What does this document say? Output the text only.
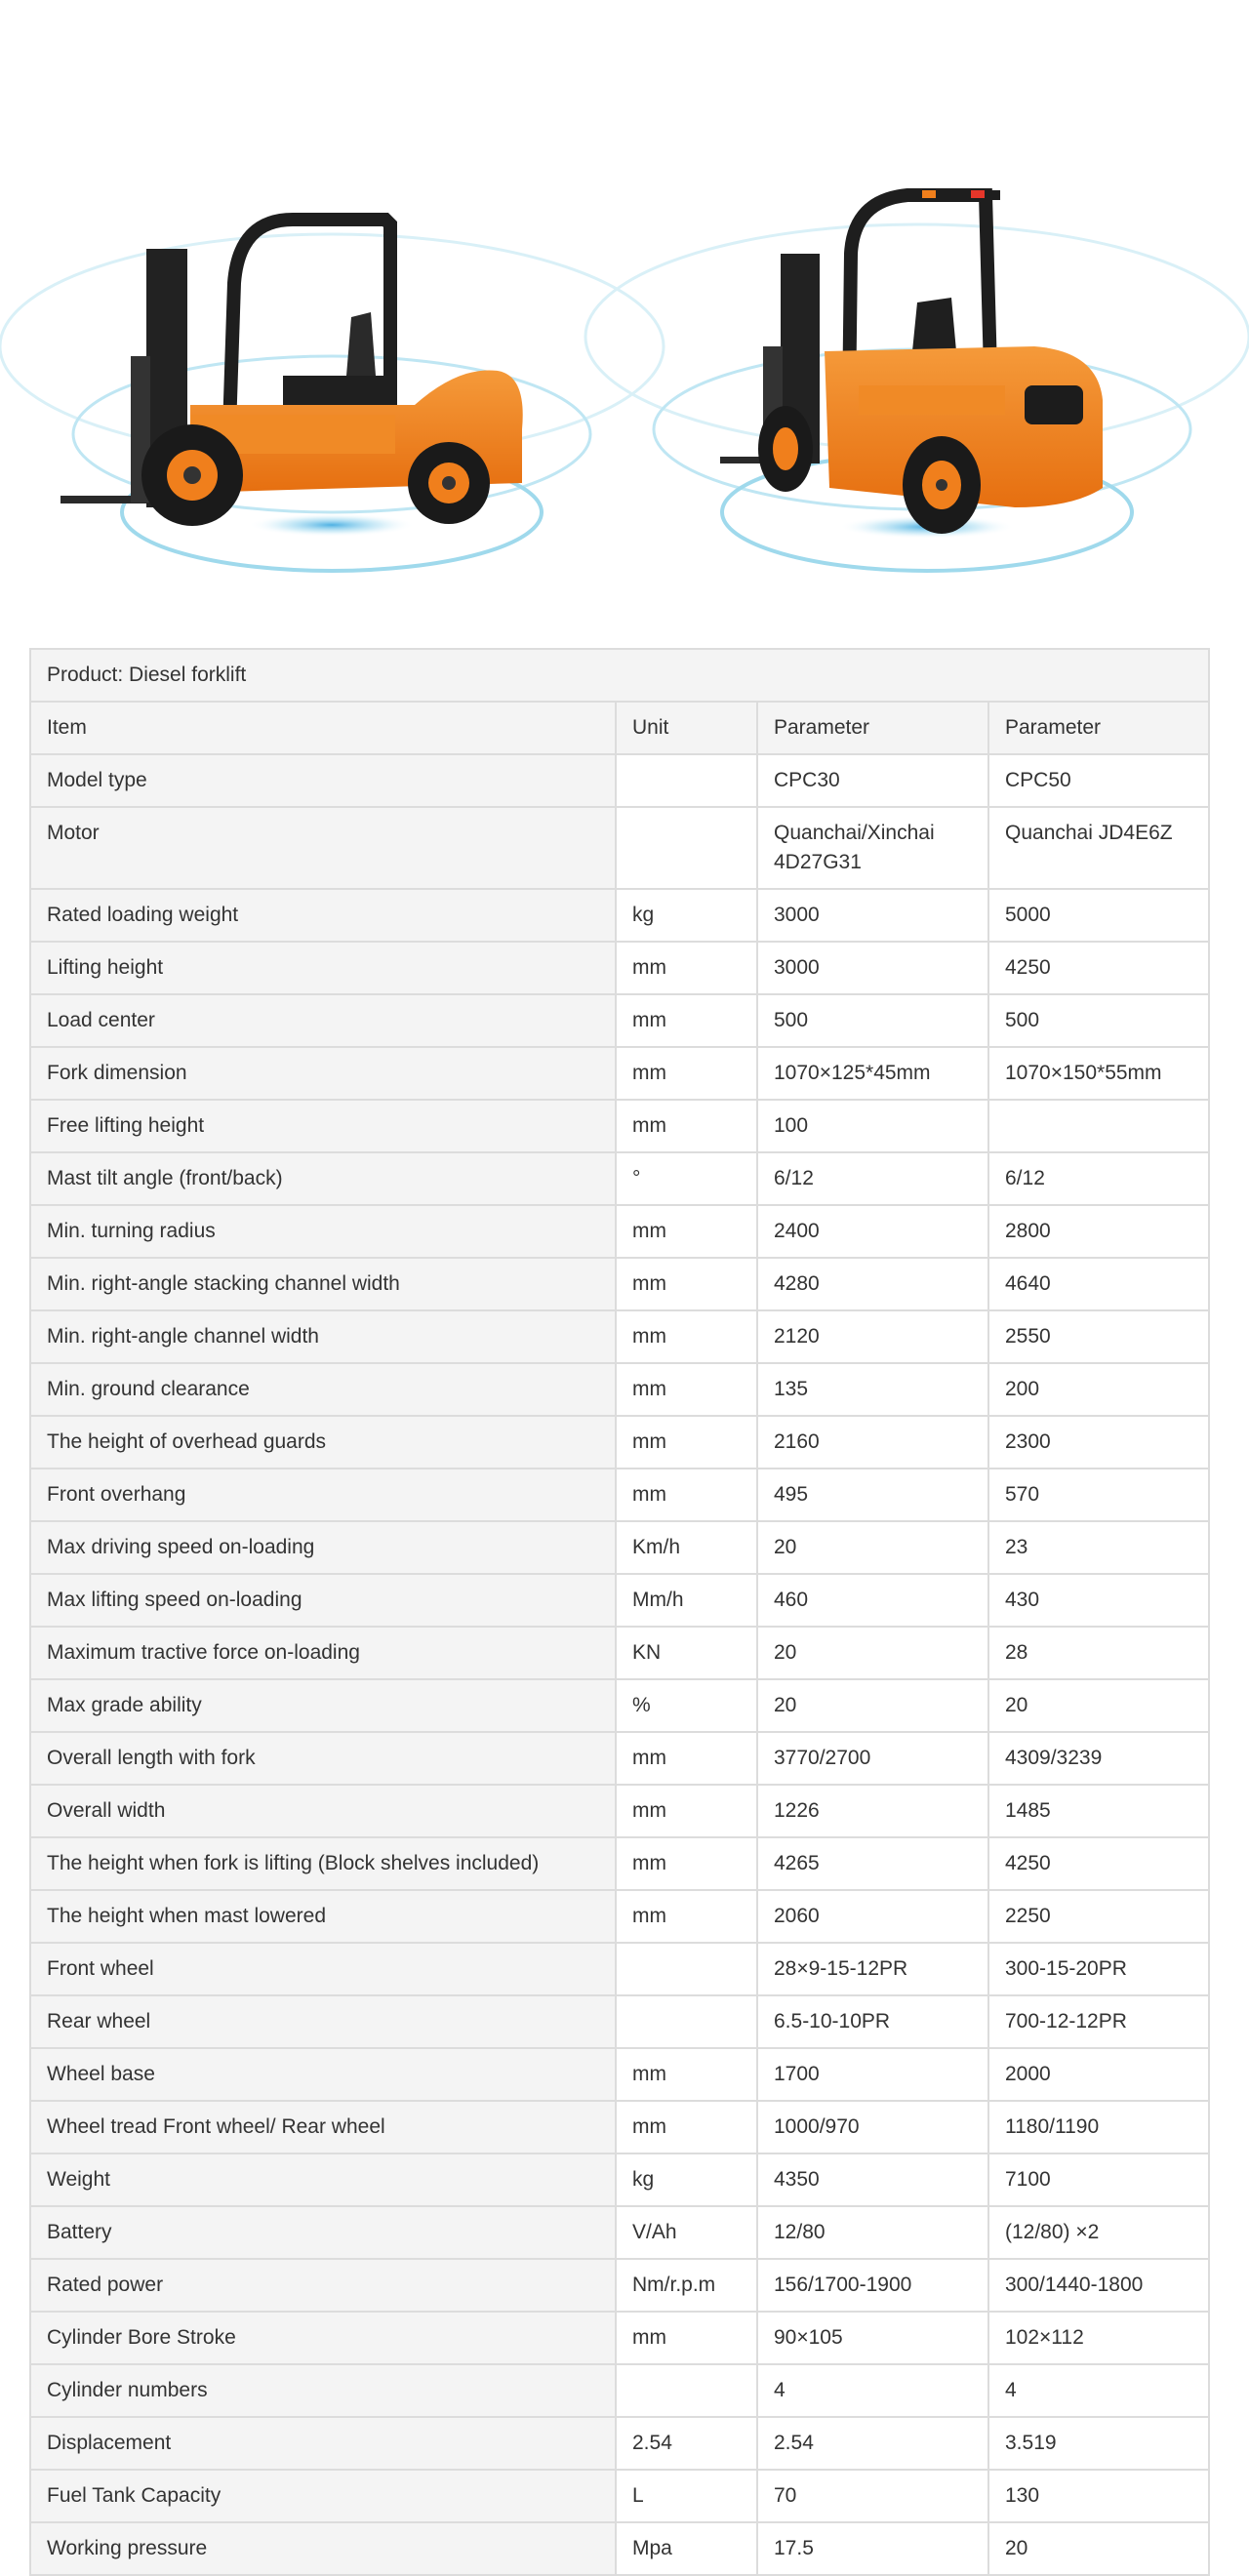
Product: Diesel forklift			
Item	Unit	Parameter	Parameter
Model type		CPC30	CPC50
Motor		Quanchai/Xinchai 4D27G31	Quanchai JD4E6Z
Rated loading weight	kg	3000	5000
Lifting height	mm	3000	4250
Load center	mm	500	500
Fork dimension	mm	1070×125*45mm	1070×150*55mm
Free lifting height	mm	100	
Mast tilt angle (front/back)	°	6/12	6/12
Min. turning radius	mm	2400	2800
Min. right-angle stacking channel width	mm	4280	4640
Min. right-angle channel width	mm	2120	2550
Min. ground clearance	mm	135	200
The height of overhead guards	mm	2160	2300
Front overhang	mm	495	570
Max driving speed on-loading	Km/h	20	23
Max lifting speed on-loading	Mm/h	460	430
Maximum tractive force on-loading	KN	20	28
Max grade ability	%	20	20
Overall length with fork	mm	3770/2700	4309/3239
Overall width	mm	1226	1485
The height when fork is lifting (Block shelves included)	mm	4265	4250
The height when mast lowered	mm	2060	2250
Front wheel		28×9-15-12PR	300-15-20PR
Rear wheel		6.5-10-10PR	700-12-12PR
Wheel base	mm	1700	2000
Wheel tread Front wheel/ Rear wheel	mm	1000/970	1180/1190
Weight	kg	4350	7100
Battery	V/Ah	12/80	(12/80) ×2
Rated power	Nm/r.p.m	156/1700-1900	300/1440-1800
Cylinder Bore Stroke	mm	90×105	102×112
Cylinder numbers		4	4
Displacement	2.54	2.54	3.519
Fuel Tank Capacity	L	70	130
Working pressure	Mpa	17.5	20
